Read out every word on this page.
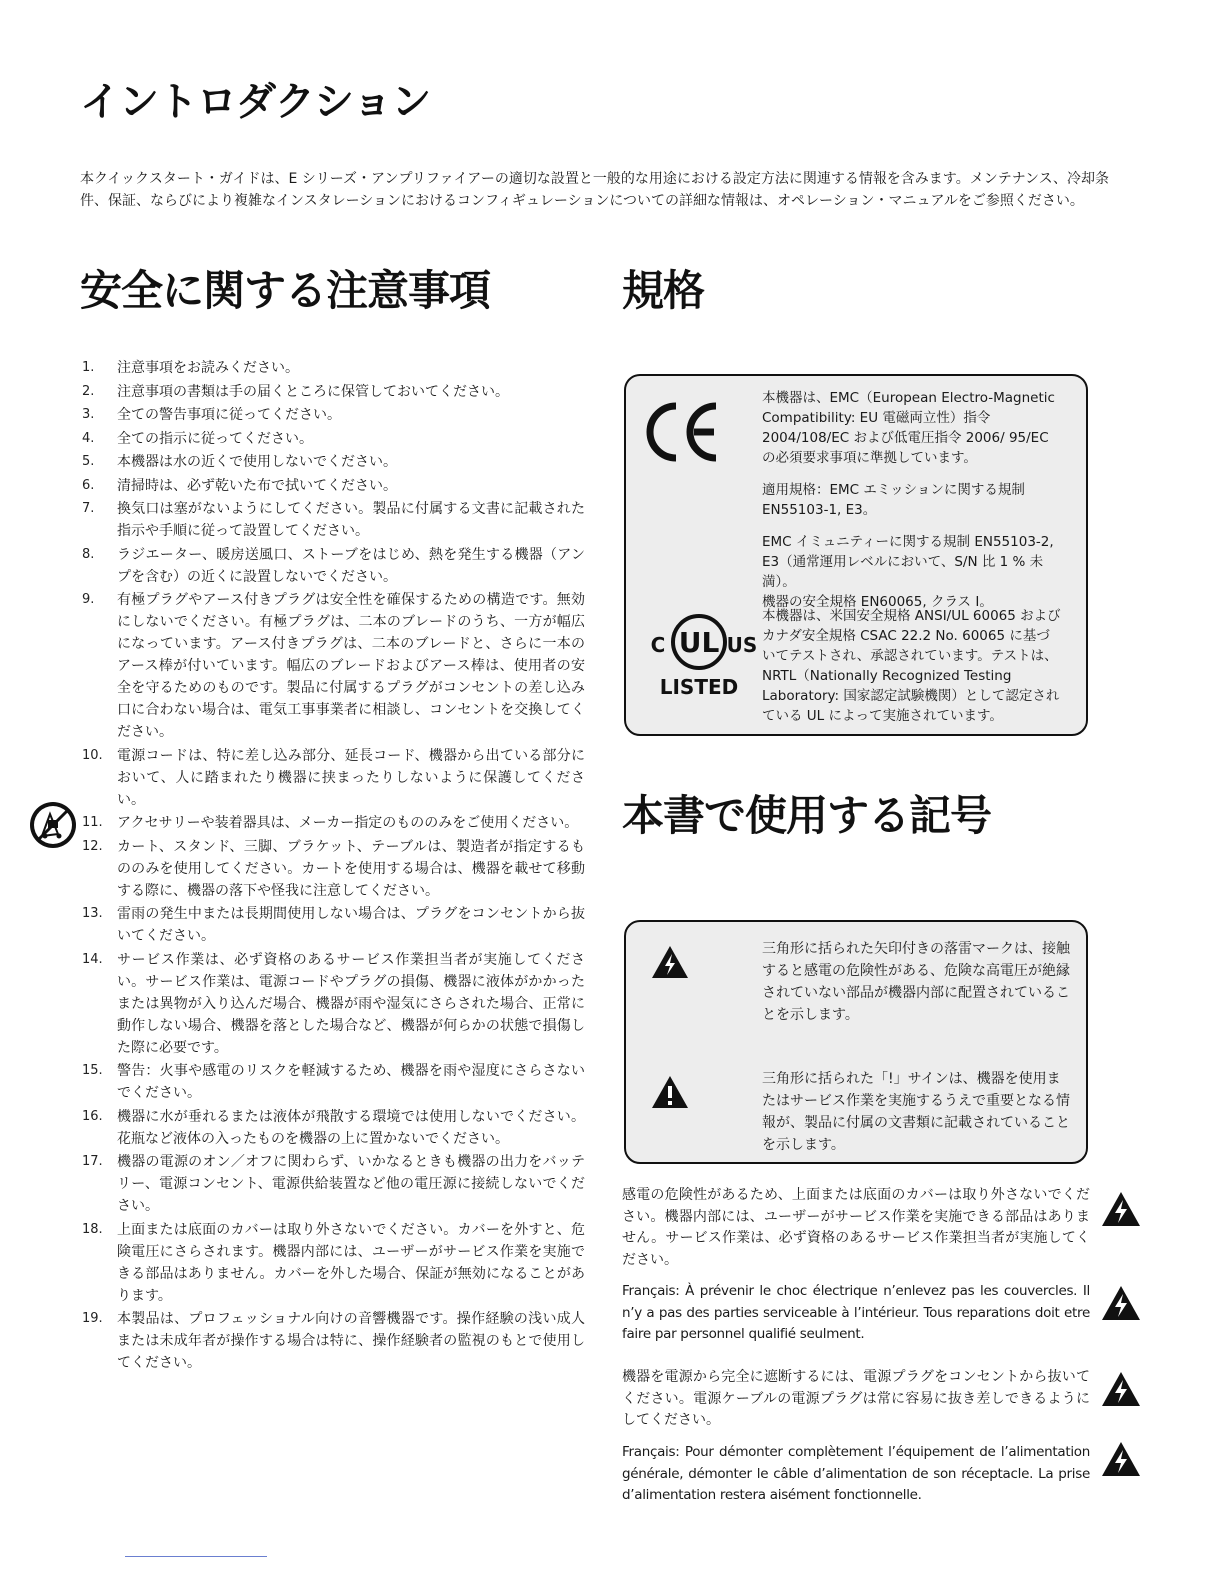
イントロダクション

本クイックスタート・ガイドは、E シリーズ・アンプリファイアーの適切な設置と一般的な用途における設定方法に関連する情報を含みます。メンテナンス、冷却条件、保証、ならびにより複雑なインスタレーションにおけるコンフィギュレーションについての詳細な情報は、オペレーション・マニュアルをご参照ください。

安全に関する注意事項	規格
本書で使用する記号
1. 注意事項をお読みください。
2. 注意事項の書類は手の届くところに保管しておいてください。
3. 全ての警告事項に従ってください。
4. 全ての指示に従ってください。
5. 本機器は水の近くで使用しないでください。
6. 清掃時は、必ず乾いた布で拭いてください。
7. 換気口は塞がないようにしてください。製品に付属する文書に記載された指示や手順に従って設置してください。
8. ラジエーター、暖房送風口、ストーブをはじめ、熱を発生する機器（アンプを含む）の近くに設置しないでください。
9. 有極プラグやアース付きプラグは安全性を確保するための構造です。無効にしないでください。有極プラグは、二本のブレードのうち、一方が幅広になっています。アース付きプラグは、二本のブレードと、さらに一本のアース棒が付いています。幅広のブレードおよびアース棒は、使用者の安全を守るためのものです。製品に付属するプラグがコンセントの差し込み口に合わない場合は、電気工事事業者に相談し、コンセントを交換してください。
10. 電源コードは、特に差し込み部分、延長コード、機器から出ている部分において、人に踏まれたり機器に挟まったりしないように保護してください。
11. アクセサリーや装着器具は、メーカー指定のもののみをご使用ください。
12. カート、スタンド、三脚、ブラケット、テーブルは、製造者が指定するもののみを使用してください。カートを使用する場合は、機器を載せて移動する際に、機器の落下や怪我に注意してください。
13. 雷雨の発生中または長期間使用しない場合は、プラグをコンセントから抜いてください。
14. サービス作業は、必ず資格のあるサービス作業担当者が実施してください。サービス作業は、電源コードやプラグの損傷、機器に液体がかかったまたは異物が入り込んだ場合、機器が雨や湿気にさらされた場合、正常に動作しない場合、機器を落とした場合など、機器が何らかの状態で損傷した際に必要です。
15. 警告：火事や感電のリスクを軽減するため、機器を雨や湿度にさらさないでください。
16. 機器に水が垂れるまたは液体が飛散する環境では使用しないでください。花瓶など液体の入ったものを機器の上に置かないでください。
17. 機器の電源のオン／オフに関わらず、いかなるときも機器の出力をバッテリー、電源コンセント、電源供給装置など他の電圧源に接続しないでください。
18. 上面または底面のカバーは取り外さないでください。カバーを外すと、危険電圧にさらされます。機器内部には、ユーザーがサービス作業を実施できる部品はありません。カバーを外した場合、保証が無効になることがあります。
19. 本製品は、プロフェッショナル向けの音響機器です。操作経験の浅い成人または未成年者が操作する場合は特に、操作経験者の監視のもとで使用してください。

本機器は、EMC（European Electro-Magnetic Compatibility: EU 電磁両立性）指令 2004/108/EC および低電圧指令 2006/ 95/EC の必須要求事項に準拠しています。

適用規格：EMC エミッションに関する規制 EN55103-1, E3。
EMC イミュニティーに関する規制 EN55103-2, E3（通常運用レベルにおいて、S/N 比 1 % 未満）。
機器の安全規格 EN60065, クラス I。
UL
C	US
LISTED

本機器は、米国安全規格 ANSI/UL 60065 およびカナダ安全規格 CSAC 22.2 No. 60065 に基づいてテストされ、承認されています。テストは、NRTL（Nationally Recognized Testing Laboratory: 国家認定試験機関）として認定されている UL によって実施されています。

三角形に括られた矢印付きの落雷マークは、接触すると感電の危険性がある、危険な高電圧が絶縁されていない部品が機器内部に配置されていることを示します。

三角形に括られた「!」サインは、機器を使用またはサービス作業を実施するうえで重要となる情報が、製品に付属の文書類に記載されていることを示します。

感電の危険性があるため、上面または底面のカバーは取り外さないでください。機器内部には、ユーザーがサービス作業を実施できる部品はありません。サービス作業は、必ず資格のあるサービス作業担当者が実施してください。

Français: À prévenir le choc électrique n’enlevez pas les couvercles. Il n’y a pas des parties serviceable à l’intérieur. Tous reparations doit etre faire par personnel qualifié seulment.

機器を電源から完全に遮断するには、電源プラグをコンセントから抜いてください。電源ケーブルの電源プラグは常に容易に抜き差しできるようにしてください。

Français: Pour démonter complètement l’équipement de l’alimentation générale, démonter le câble d’alimentation de son réceptacle. La prise d’alimentation restera aisément fonctionnelle.
